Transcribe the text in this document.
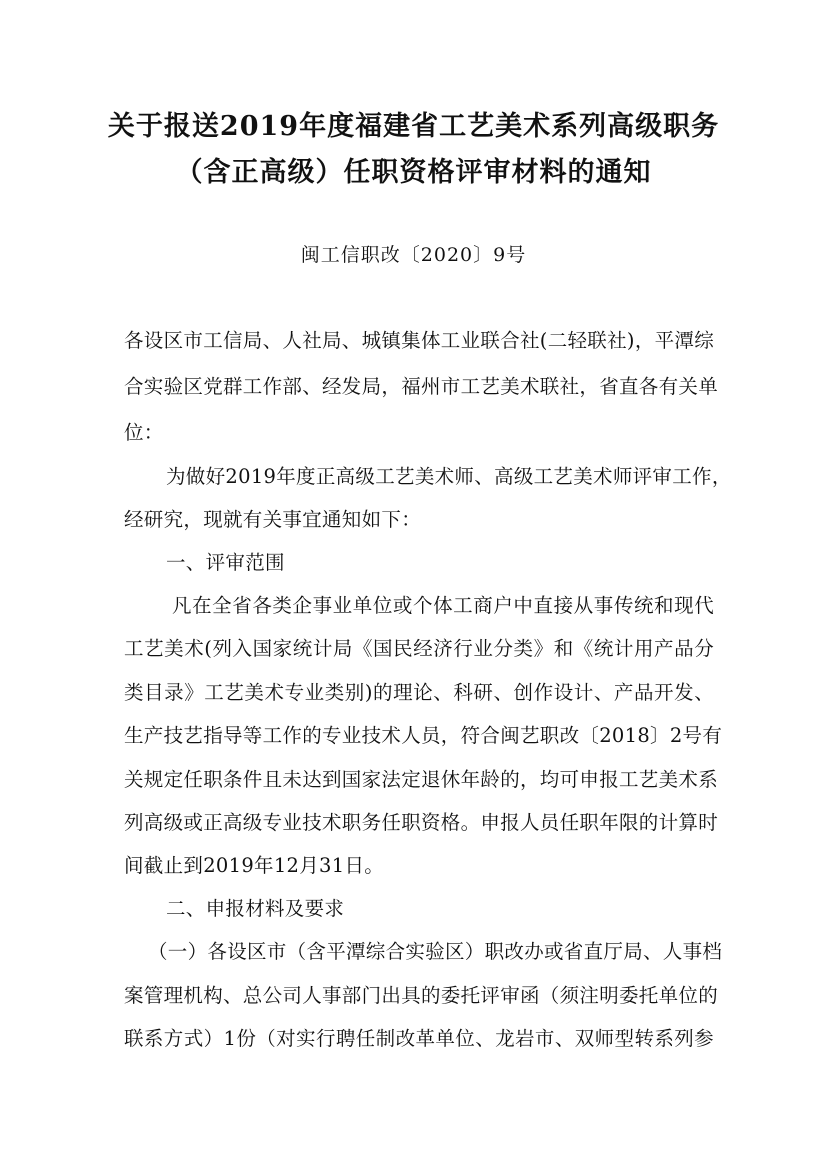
关于报送2019年度福建省工艺美术系列高级职务
（含正高级）任职资格评审材料的通知
闽工信职改〔2020〕9号
各设区市工信局、人社局、城镇集体工业联合社(二轻联社)，平潭综
合实验区党群工作部、经发局，福州市工艺美术联社，省直各有关单
位：
为做好2019年度正高级工艺美术师、高级工艺美术师评审工作，
经研究，现就有关事宜通知如下：
一、评审范围
凡在全省各类企事业单位或个体工商户中直接从事传统和现代
工艺美术(列入国家统计局《国民经济行业分类》和《统计用产品分
类目录》工艺美术专业类别)的理论、科研、创作设计、产品开发、
生产技艺指导等工作的专业技术人员，符合闽艺职改〔2018〕2号有
关规定任职条件且未达到国家法定退休年龄的，均可申报工艺美术系
列高级或正高级专业技术职务任职资格。申报人员任职年限的计算时
间截止到2019年12月31日。
二、申报材料及要求
（一）各设区市（含平潭综合实验区）职改办或省直厅局、人事档
案管理机构、总公司人事部门出具的委托评审函（须注明委托单位的
联系方式）1份（对实行聘任制改革单位、龙岩市、双师型转系列参
